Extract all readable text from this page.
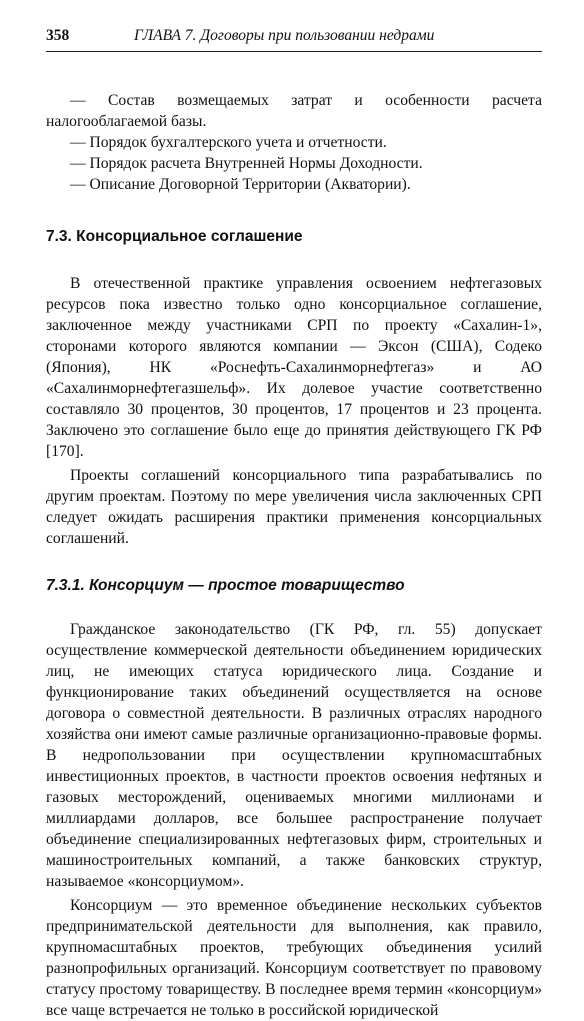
358	ГЛАВА 7. Договоры при пользовании недрами

— Состав возмещаемых затрат и особенности расчета налогооблагаемой базы.

— Порядок бухгалтерского учета и отчетности.

— Порядок расчета Внутренней Нормы Доходности.

— Описание Договорной Территории (Акватории).

7.3. Консорциальное соглашение

В отечественной практике управления освоением нефтегазовых ресурсов пока известно только одно консорциальное соглашение, заключенное между участниками СРП по проекту «Сахалин-1», сторонами которого являются компании — Эксон (США), Содеко (Япония), НК «Роснефть-Сахалинморнефтегаз» и АО «Сахалинморнефтегазшельф». Их долевое участие соответственно составляло 30 процентов, 30 процентов, 17 процентов и 23 процента. Заключено это соглашение было еще до принятия действующего ГК РФ [170].

Проекты соглашений консорциального типа разрабатывались по другим проектам. Поэтому по мере увеличения числа заключенных СРП следует ожидать расширения практики применения консорциальных соглашений.

7.3.1. Консорциум — простое товарищество

Гражданское законодательство (ГК РФ, гл. 55) допускает осуществление коммерческой деятельности объединением юридических лиц, не имеющих статуса юридического лица. Создание и функционирование таких объединений осуществляется на основе договора о совместной деятельности. В различных отраслях народного хозяйства они имеют самые различные организационно-правовые формы. В недропользовании при осуществлении крупномасштабных инвестиционных проектов, в частности проектов освоения нефтяных и газовых месторождений, оцениваемых многими миллионами и миллиардами долларов, все большее распространение получает объединение специализированных нефтегазовых фирм, строительных и машиностроительных компаний, а также банковских структур, называемое «консорциумом».

Консорциум — это временное объединение нескольких субъектов предпринимательской деятельности для выполнения, как правило, крупномасштабных проектов, требующих объединения усилий разнопрофильных организаций. Консорциум соответствует по правовому статусу простому товариществу. В последнее время термин «консорциум» все чаще встречается не только в российской юридической
